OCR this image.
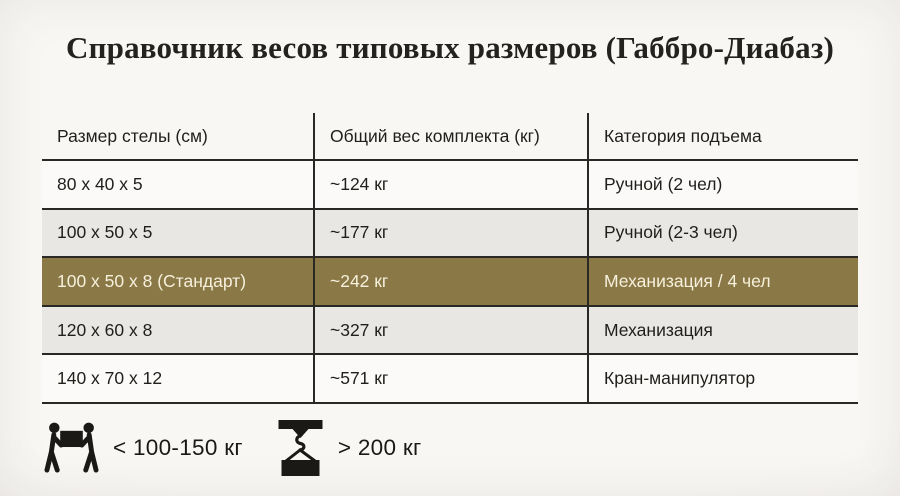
Справочник весов типовых размеров (Габбро-Диабаз)
Размер стелы (см)	Общий вес комплекта (кг)	Категория подъема
80 x 40 x 5	~124 кг	Ручной (2 чел)
100 x 50 x 5	~177 кг	Ручной (2-3 чел)
100 x 50 x 8 (Стандарт)	~242 кг	Механизация / 4 чел
120 x 60 x 8	~327 кг	Механизация
140 x 70 x 12	~571 кг	Кран-манипулятор
< 100-150 кг	> 200 кг
